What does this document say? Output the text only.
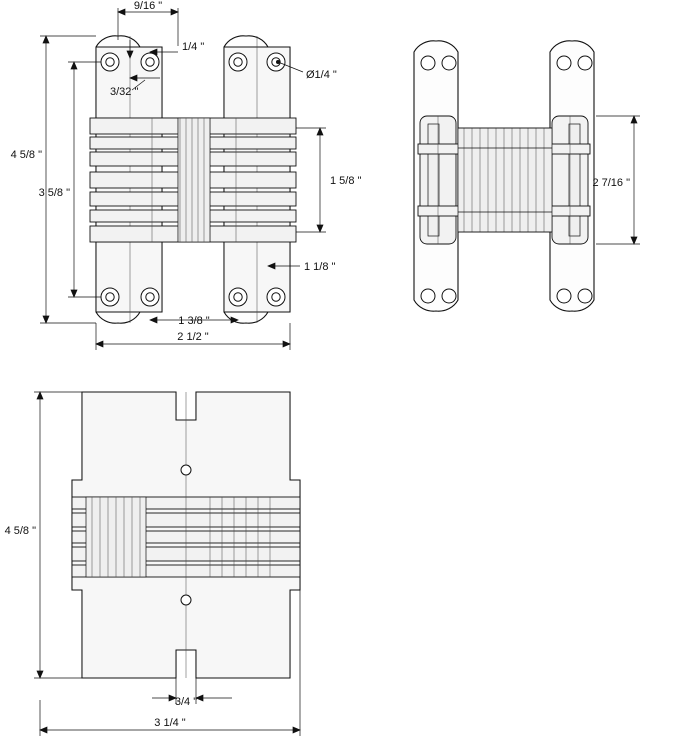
9/16 "
1/4 "
3/32 "
Ø1/4 "
4 5/8 "
3 5/8 "
1 5/8 "
1 1/8 "
1 3/8 "
2 1/2 "
2 7/16 "
4 5/8 "
3/4 "
3 1/4 "
